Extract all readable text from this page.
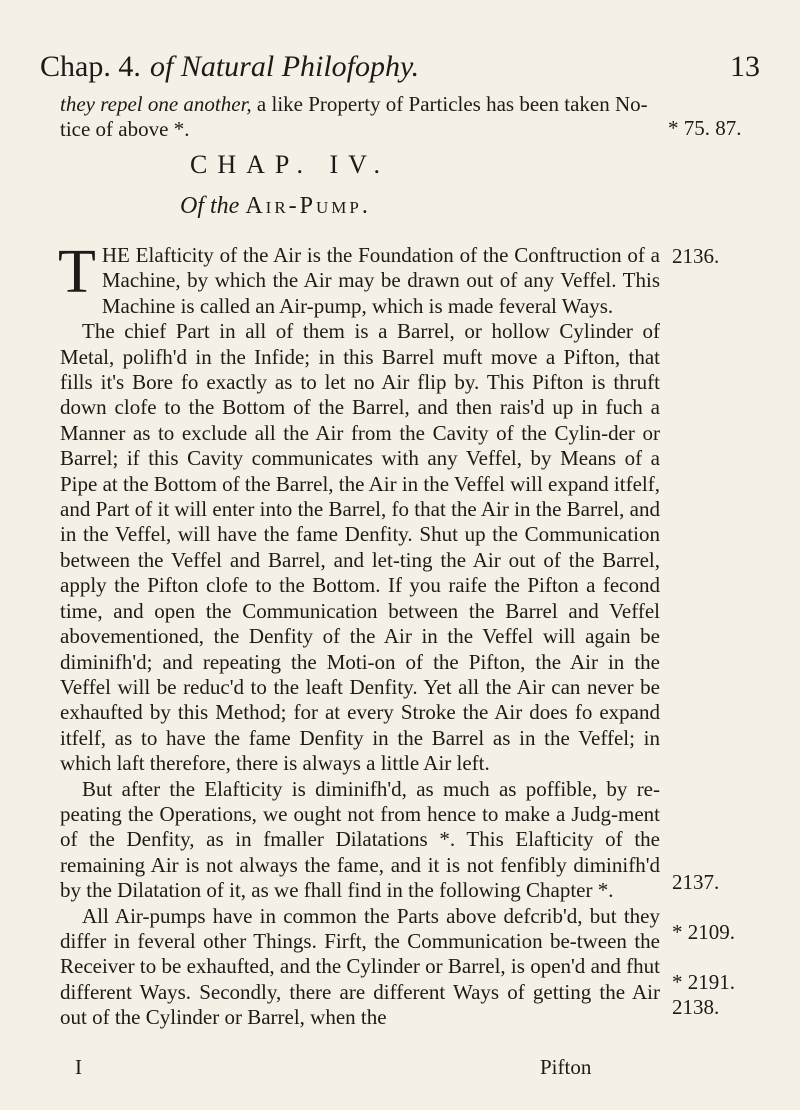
Chap. 4. of Natural Philofophy.	13
they repel one another, a like Property of Particles has been taken No-tice of above *.	* 75. 87.
CHAP. IV.
Of the Air-Pump.

THE Elafticity of the Air is the Foundation of the Conftruction of a Machine, by which the Air may be drawn out of any Veffel. This Machine is called an Air-pump, which is made feveral Ways.

The chief Part in all of them is a Barrel, or hollow Cylinder of Metal, polifh'd in the Infide; in this Barrel muft move a Pifton, that fills it's Bore fo exactly as to let no Air flip by. This Pifton is thruft down clofe to the Bottom of the Barrel, and then rais'd up in fuch a Manner as to exclude all the Air from the Cavity of the Cylin-der or Barrel; if this Cavity communicates with any Veffel, by Means of a Pipe at the Bottom of the Barrel, the Air in the Veffel will expand itfelf, and Part of it will enter into the Barrel, fo that the Air in the Barrel, and in the Veffel, will have the fame Denfity. Shut up the Communication between the Veffel and Barrel, and let-ting the Air out of the Barrel, apply the Pifton clofe to the Bottom. If you raife the Pifton a fecond time, and open the Communication between the Barrel and Veffel abovementioned, the Denfity of the Air in the Veffel will again be diminifh'd; and repeating the Moti-on of the Pifton, the Air in the Veffel will be reduc'd to the leaft Denfity. Yet all the Air can never be exhaufted by this Method; for at every Stroke the Air does fo expand itfelf, as to have the fame Denfity in the Barrel as in the Veffel; in which laft therefore, there is always a little Air left.

But after the Elafticity is diminifh'd, as much as poffible, by re-peating the Operations, we ought not from hence to make a Judg-ment of the Denfity, as in fmaller Dilatations *. This Elafticity of the remaining Air is not always the fame, and it is not fenfibly diminifh'd by the Dilatation of it, as we fhall find in the following Chapter *.

All Air-pumps have in common the Parts above defcrib'd, but they differ in feveral other Things. Firft, the Communication be-tween the Receiver to be exhaufted, and the Cylinder or Barrel, is open'd and fhut different Ways. Secondly, there are different Ways of getting the Air out of the Cylinder or Barrel, when the

2136.
2137.
* 2109.
* 2191.
2138.
I	Pifton
